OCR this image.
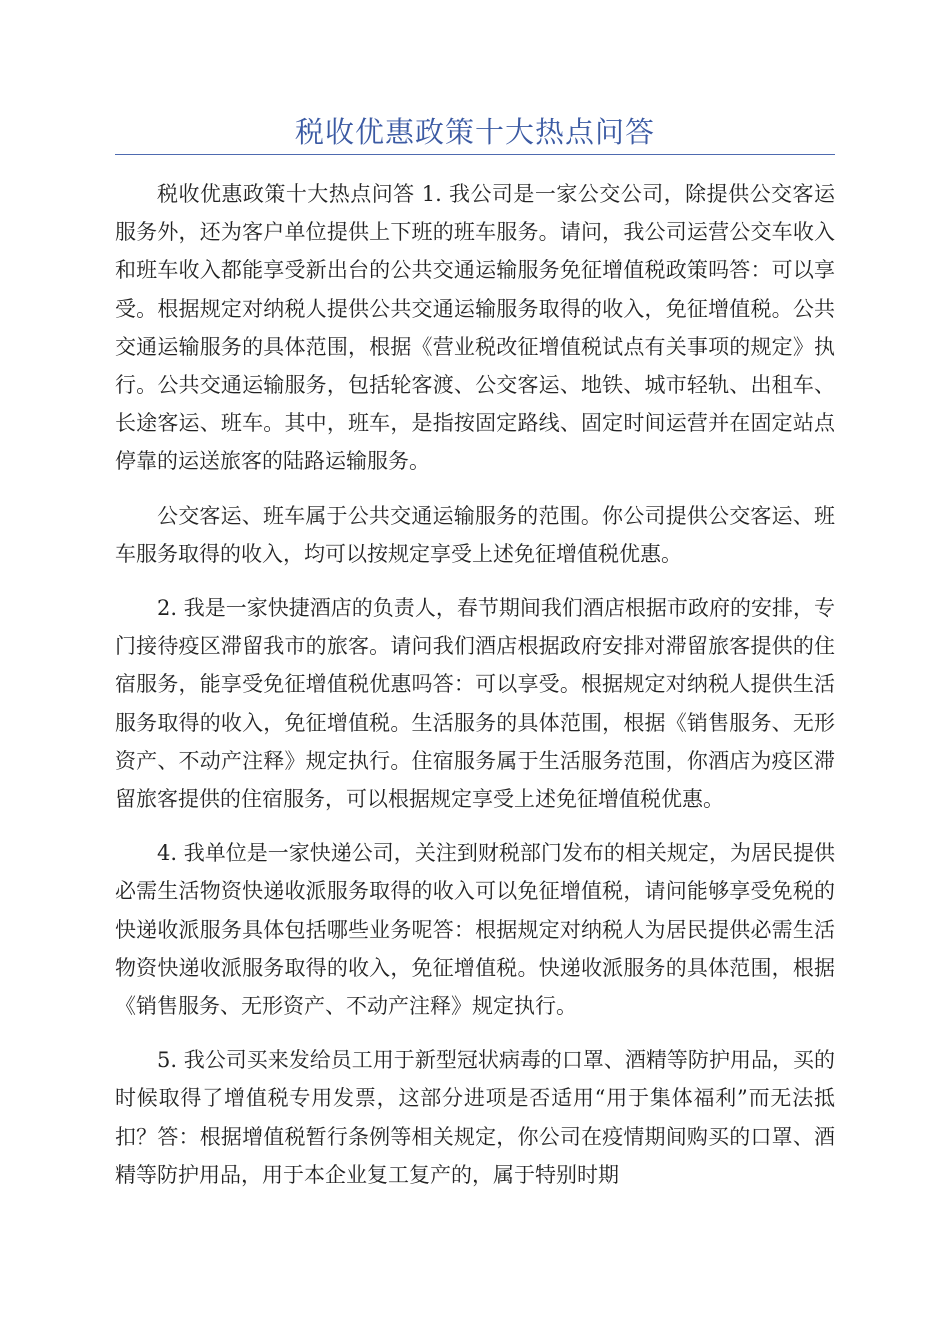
税收优惠政策十大热点问答

税收优惠政策十大热点问答 1. 我公司是一家公交公司，除提供公交客运服务外，还为客户单位提供上下班的班车服务。请问，我公司运营公交车收入和班车收入都能享受新出台的公共交通运输服务免征增值税政策吗答：可以享受。根据规定对纳税人提供公共交通运输服务取得的收入，免征增值税。公共交通运输服务的具体范围，根据《营业税改征增值税试点有关事项的规定》执行。公共交通运输服务，包括轮客渡、公交客运、地铁、城市轻轨、出租车、长途客运、班车。其中，班车，是指按固定路线、固定时间运营并在固定站点停靠的运送旅客的陆路运输服务。

公交客运、班车属于公共交通运输服务的范围。你公司提供公交客运、班车服务取得的收入，均可以按规定享受上述免征增值税优惠。

2. 我是一家快捷酒店的负责人，春节期间我们酒店根据市政府的安排，专门接待疫区滞留我市的旅客。请问我们酒店根据政府安排对滞留旅客提供的住宿服务，能享受免征增值税优惠吗答：可以享受。根据规定对纳税人提供生活服务取得的收入，免征增值税。生活服务的具体范围，根据《销售服务、无形资产、不动产注释》规定执行。住宿服务属于生活服务范围，你酒店为疫区滞留旅客提供的住宿服务，可以根据规定享受上述免征增值税优惠。

4. 我单位是一家快递公司，关注到财税部门发布的相关规定，为居民提供必需生活物资快递收派服务取得的收入可以免征增值税，请问能够享受免税的快递收派服务具体包括哪些业务呢答：根据规定对纳税人为居民提供必需生活物资快递收派服务取得的收入，免征增值税。快递收派服务的具体范围，根据《销售服务、无形资产、不动产注释》规定执行。

5. 我公司买来发给员工用于新型冠状病毒的口罩、酒精等防护用品，买的时候取得了增值税专用发票，这部分进项是否适用“用于集体福利”而无法抵扣？答：根据增值税暂行条例等相关规定，你公司在疫情期间购买的口罩、酒精等防护用品，用于本企业复工复产的，属于特别时期
